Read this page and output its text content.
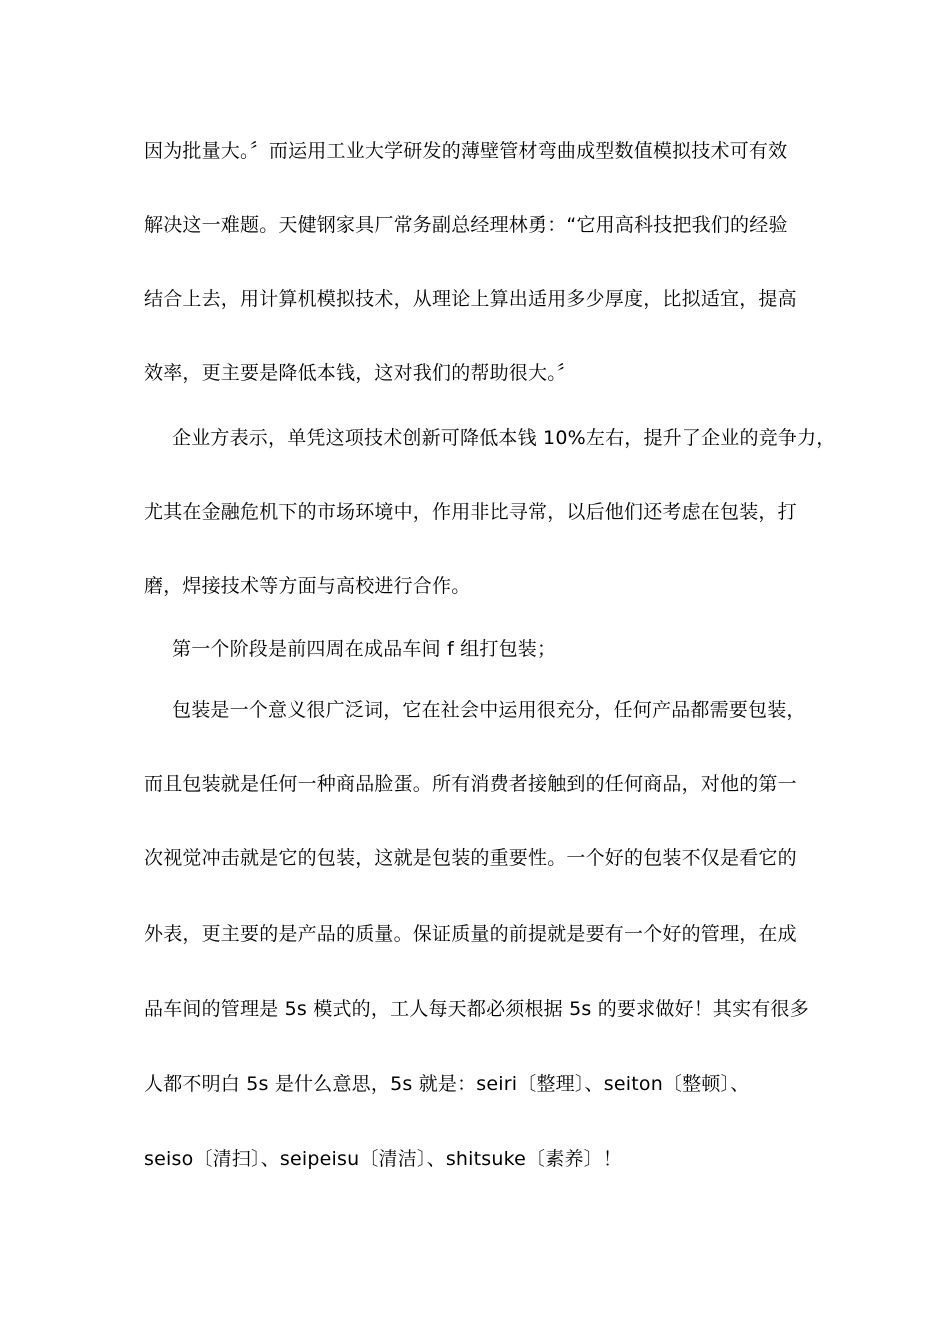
因为批量大。〞而运用工业大学研发的薄壁管材弯曲成型数值模拟技术可有效
解决这一难题。天健钢家具厂常务副总经理林勇：“它用高科技把我们的经验
结合上去，用计算机模拟技术，从理论上算出适用多少厚度，比拟适宜，提高
效率，更主要是降低本钱，这对我们的帮助很大。〞
企业方表示，单凭这项技术创新可降低本钱 10%左右，提升了企业的竞争力，
尤其在金融危机下的市场环境中，作用非比寻常，以后他们还考虑在包装，打
磨，焊接技术等方面与高校进行合作。
第一个阶段是前四周在成品车间 f 组打包装；
包装是一个意义很广泛词，它在社会中运用很充分，任何产品都需要包装，
而且包装就是任何一种商品脸蛋。所有消费者接触到的任何商品，对他的第一
次视觉冲击就是它的包装，这就是包装的重要性。一个好的包装不仅是看它的
外表，更主要的是产品的质量。保证质量的前提就是要有一个好的管理，在成
品车间的管理是 5s 模式的，工人每天都必须根据 5s 的要求做好！其实有很多
人都不明白 5s 是什么意思，5s 就是：seiri〔整理〕、seiton〔整顿〕、
seiso〔清扫〕、seipeisu〔清洁〕、shitsuke〔素养〕！
